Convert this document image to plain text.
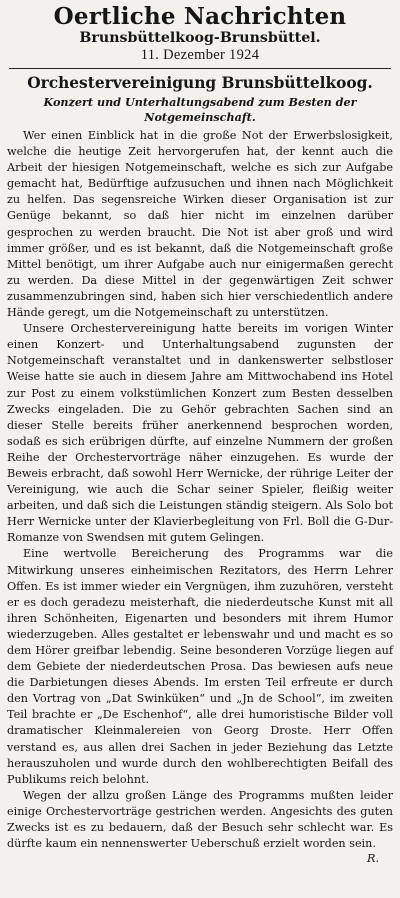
Oertliche Nachrichten
Brunsbüttelkoog-Brunsbüttel.
11. Dezember 1924
Orchestervereinigung Brunsbüttelkoog.
Konzert und Unterhaltungsabend zum Besten der Notgemeinschaft.

Wer einen Einblick hat in die große Not der Erwerbslosigkeit, welche die heutige Zeit hervorgerufen hat, der kennt auch die Arbeit der hiesigen Notgemeinschaft, welche es sich zur Aufgabe gemacht hat, Bedürftige aufzusuchen und ihnen nach Möglichkeit zu helfen. Das segensreiche Wirken dieser Organisation ist zur Genüge bekannt, so daß hier nicht im einzelnen darüber gesprochen zu werden braucht. Die Not ist aber groß und wird immer größer, und es ist bekannt, daß die Notgemeinschaft große Mittel benötigt, um ihrer Aufgabe auch nur einigermaßen gerecht zu werden. Da diese Mittel in der gegenwärtigen Zeit schwer zusammenzubringen sind, haben sich hier verschiedentlich andere Hände geregt, um die Notgemeinschaft zu unterstützen.

Unsere Orchestervereinigung hatte bereits im vorigen Winter einen Konzert- und Unterhaltungsabend zugunsten der Notgemeinschaft veranstaltet und in dankenswerter selbstloser Weise hatte sie auch in diesem Jahre am Mittwochabend ins Hotel zur Post zu einem volkstümlichen Konzert zum Besten desselben Zwecks eingeladen. Die zu Gehör gebrachten Sachen sind an dieser Stelle bereits früher anerkennend besprochen worden, sodaß es sich erübrigen dürfte, auf einzelne Nummern der großen Reihe der Orchestervorträge näher einzugehen. Es wurde der Beweis erbracht, daß sowohl Herr Wernicke, der rührige Leiter der Vereinigung, wie auch die Schar seiner Spieler, fleißig weiter arbeiten, und daß sich die Leistungen ständig steigern. Als Solo bot Herr Wernicke unter der Klavierbegleitung von Frl. Boll die G-Dur-Romanze von Swendsen mit gutem Gelingen.

Eine wertvolle Bereicherung des Programms war die Mitwirkung unseres einheimischen Rezitators, des Herrn Lehrer Offen. Es ist immer wieder ein Vergnügen, ihm zuzuhören, versteht er es doch geradezu meisterhaft, die niederdeutsche Kunst mit all ihren Schönheiten, Eigenarten und besonders mit ihrem Humor wiederzugeben. Alles gestaltet er lebenswahr und und macht es so dem Hörer greifbar lebendig. Seine besonderen Vorzüge liegen auf dem Gebiete der niederdeutschen Prosa. Das bewiesen aufs neue die Darbietungen dieses Abends. Im ersten Teil erfreute er durch den Vortrag von „Dat Swinküken“ und „Jn de School“, im zweiten Teil brachte er „De Eschenhof“, alle drei humoristische Bilder voll dramatischer Kleinmalereien von Georg Droste. Herr Offen verstand es, aus allen drei Sachen in jeder Beziehung das Letzte herauszuholen und wurde durch den wohlberechtigten Beifall des Publikums reich belohnt.

Wegen der allzu großen Länge des Programms mußten leider einige Orchestervorträge gestrichen werden. Angesichts des guten Zwecks ist es zu bedauern, daß der Besuch sehr schlecht war. Es dürfte kaum ein nennenswerter Ueberschuß erzielt worden sein.

R.
